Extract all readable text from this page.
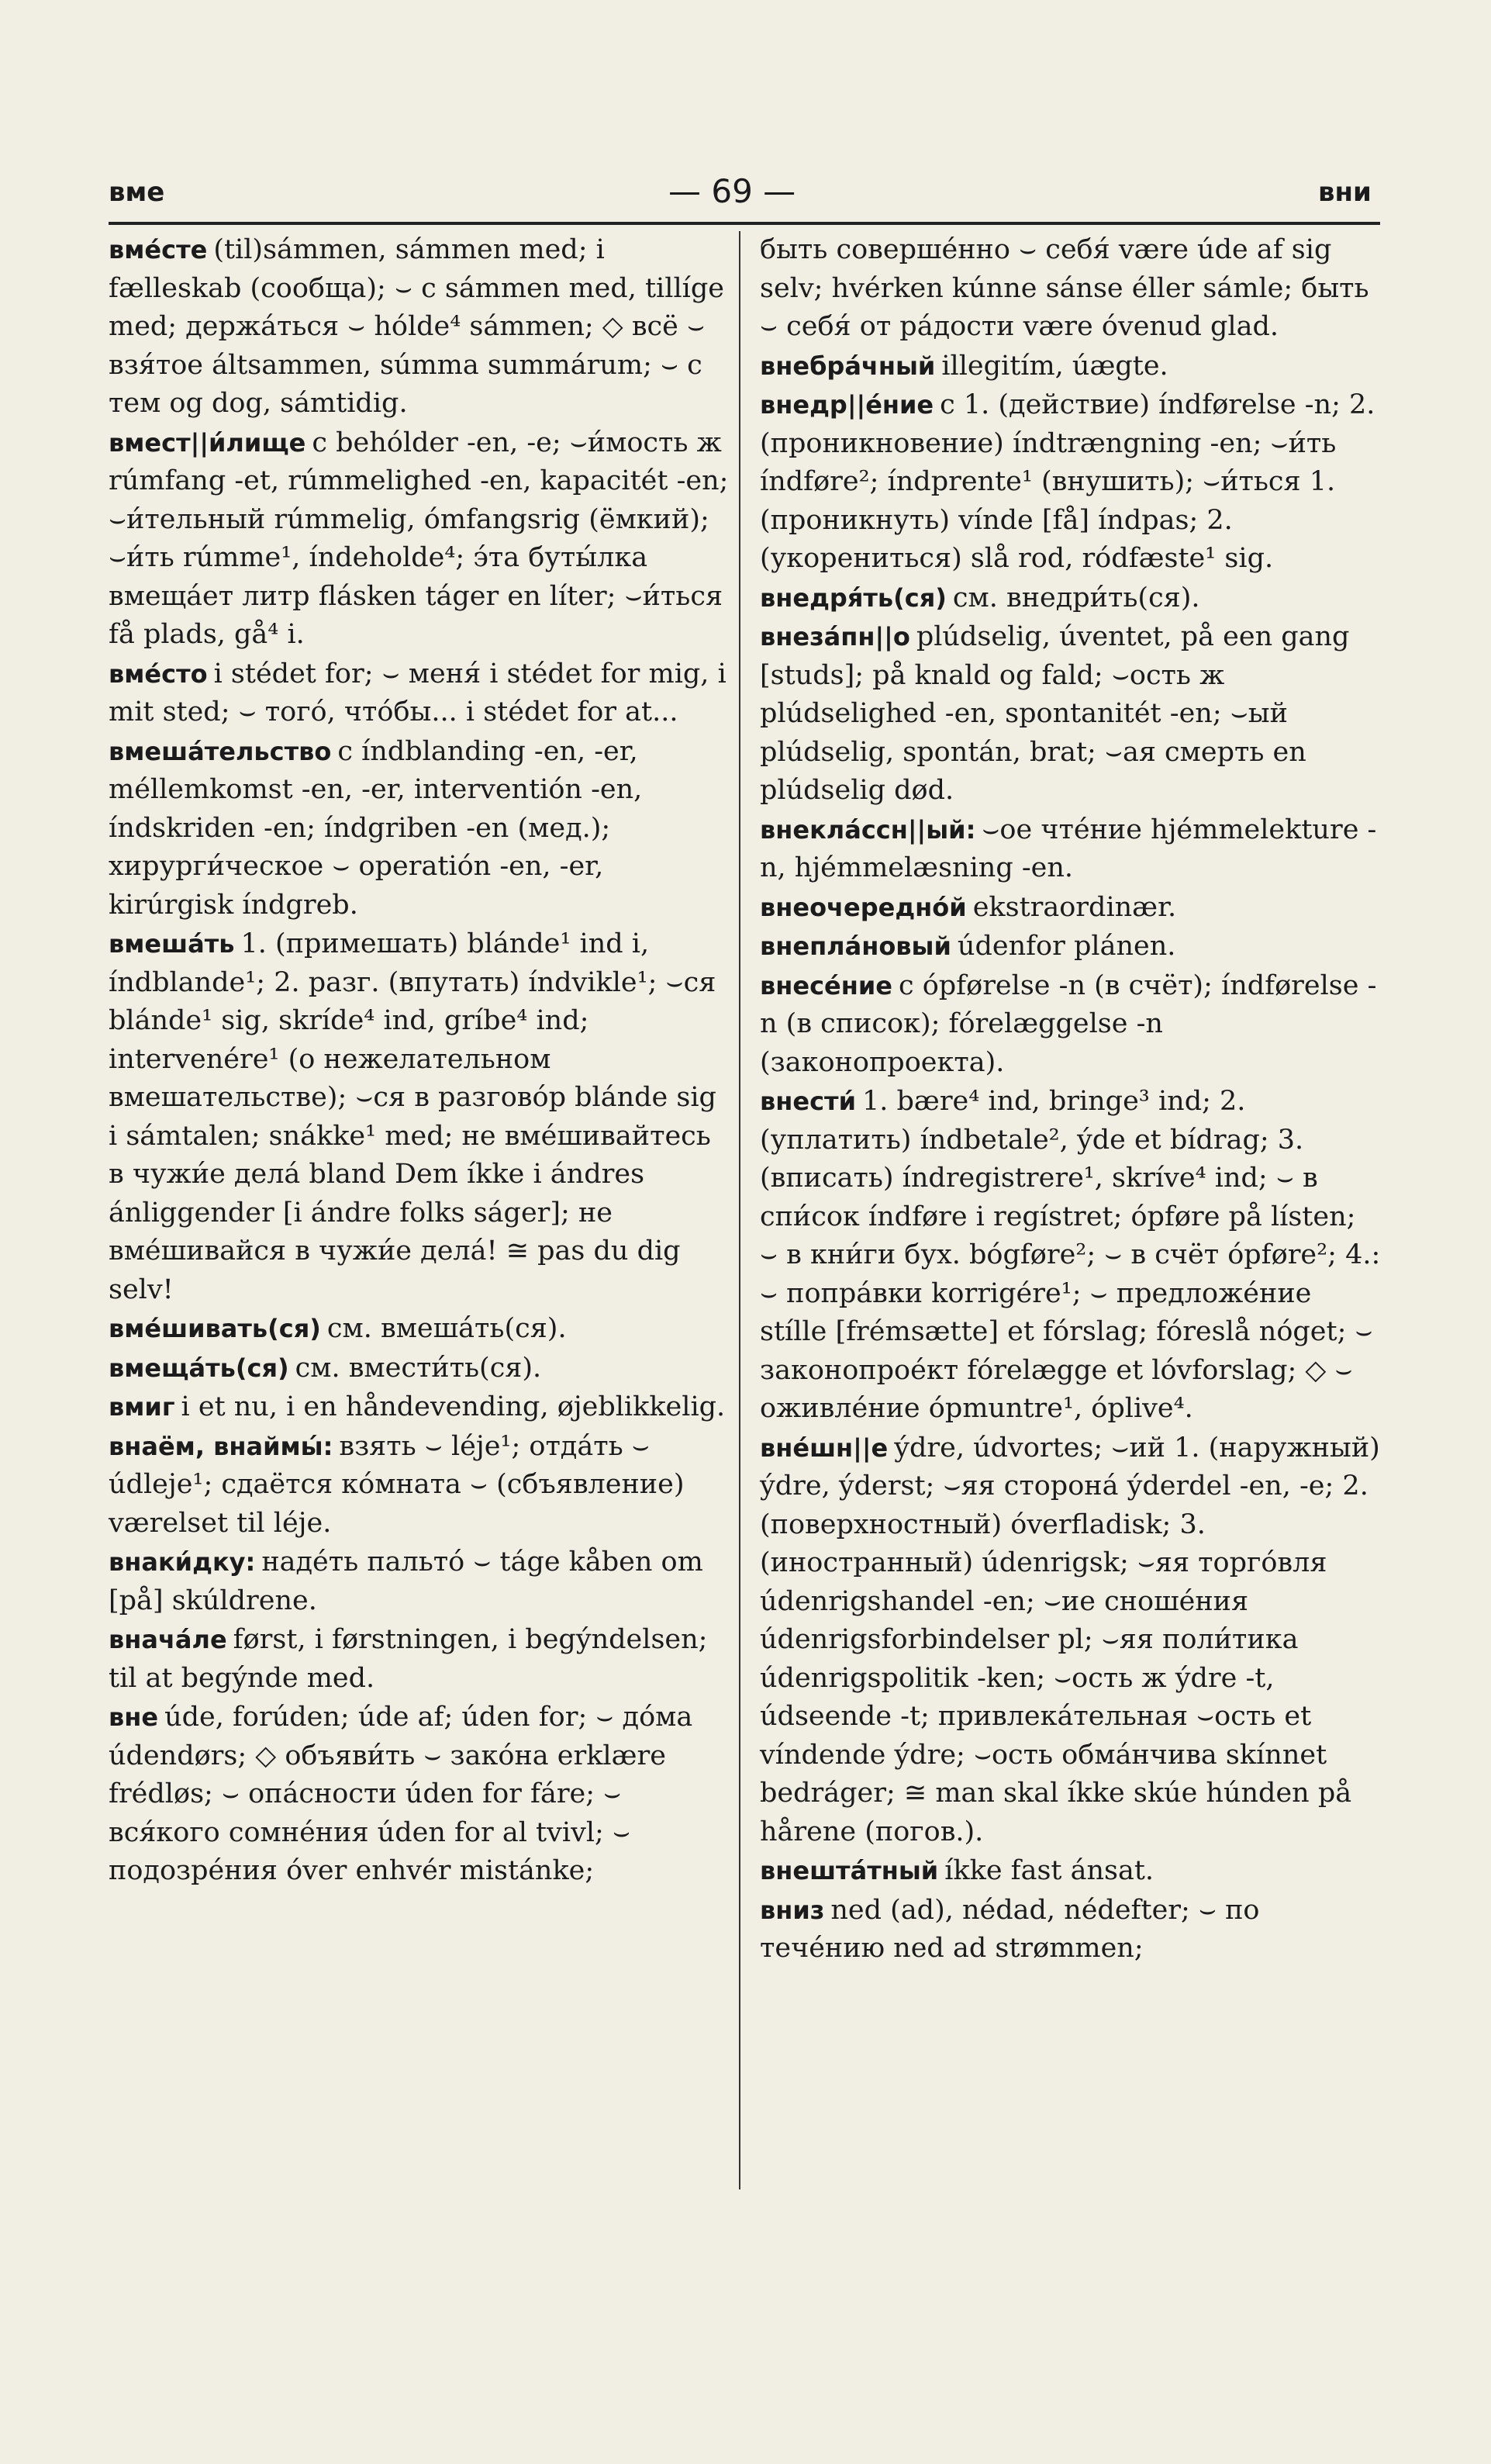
вме	— 69 —	вни
вмéсте (til)sámmen, sámmen med; i fælleskab (сообща); ⌣ с sámmen med, tillíge med; держáться ⌣ hólde⁴ sámmen; ◇ всё ⌣ взя́тое áltsammen, súmma summárum; ⌣ с тем og dog, sámtidig.
вмест||и́лище с behólder -en, -e; ⌣и́мость ж rúmfang -et, rúmmelighed -en, kapacitét -en; ⌣и́тельный rúmmelig, ómfangsrig (ёмкий); ⌣и́ть rúmme¹, índeholde⁴; э́та буты́лка вмеща́ет литр flásken táger en líter; ⌣и́ться få plads, gå⁴ i.
вмéсто i stédet for; ⌣ меня́ i stédet for mig, i mit sted; ⌣ того́, что́бы... i stédet for at...
вмеша́тельство с índblanding -en, -er, méllemkomst -en, -er, interventión -en, índskriden -en; índgriben -en (мед.); хирурги́ческое ⌣ operatión -en, -er, kirúrgisk índgreb.
вмеша́ть 1. (примешать) blánde¹ ind i, índblande¹; 2. разг. (впутать) índvikle¹; ⌣ся blánde¹ sig, skríde⁴ ind, gríbe⁴ ind; intervenére¹ (о нежелательном вмешательстве); ⌣ся в разгово́р blánde sig i sámtalen; snákke¹ med; не вмéшивайтесь в чужи́е дела́ bland Dem íkke i ándres ánliggender [i ándre folks ságer]; не вмéшивайся в чужи́е дела́! ≅ pas du dig selv!
вмéшивать(ся) см. вмеша́ть(ся).
вмеща́ть(ся) см. вмести́ть(ся).
вмиг i et nu, i en håndevending, øjeblikkelig.
внаём, внаймы́: взять ⌣ léje¹; отда́ть ⌣ údleje¹; сдаётся ко́мната ⌣ (сбъявление) værelset til léje.
внаки́дку: наде́ть пальто́ ⌣ táge kåben om [på] skúldrene.
внача́ле først, i førstningen, i begýndelsen; til at begýnde med.
вне úde, forúden; úde af; úden for; ⌣ до́ма údendørs; ◇ объяви́ть ⌣ зако́на erklære frédløs; ⌣ опа́сности úden for fáre; ⌣ вся́кого сомне́ния úden for al tvivl; ⌣ подозре́ния óver enhvér mistánke;
быть соверше́нно ⌣ себя́ være úde af sig selv; hvérken kúnne sánse éller sámle; быть ⌣ себя́ от ра́дости være óvenud glad.
внебра́чный illegitím, úægte.
внедр||е́ние с 1. (действие) índførelse -n; 2. (проникновение) índtrængning -en; ⌣и́ть índføre²; índprente¹ (внушить); ⌣и́ться 1. (проникнуть) vínde [få] índpas; 2. (укорениться) slå rod, ródfæste¹ sig.
внедря́ть(ся) см. внедри́ть(ся).
внеза́пн||о plúdselig, úventet, på een gang [studs]; på knald og fald; ⌣ость ж plúdselighed -en, spontanitét -en; ⌣ый plúdselig, spontán, brat; ⌣ая смерть en plúdselig død.
внекла́ссн||ый: ⌣ое чте́ние hjémmelekture -n, hjémmelæsning -en.
внеочередно́й ekstraordinær.
внепла́новый údenfor plánen.
внесе́ние с ópførelse -n (в счёт); índførelse -n (в список); fórelæggelse -n (законопроекта).
внести́ 1. bære⁴ ind, bringe³ ind; 2. (уплатить) índbetale², ýde et bídrag; 3. (вписать) índregistrere¹, skríve⁴ ind; ⌣ в спи́сок índføre i regístret; ópføre på lísten; ⌣ в кни́ги бух. bógføre²; ⌣ в счёт ópføre²; 4.: ⌣ попра́вки korrigére¹; ⌣ предложе́ние stílle [frémsætte] et fórslag; fóreslå nóget; ⌣ законопрое́кт fórelægge et lóvforslag; ◇ ⌣ оживле́ние óрmuntre¹, óplive⁴.
вне́шн||е ýdre, údvortes; ⌣ий 1. (наружный) ýdre, ýderst; ⌣яя сторона́ ýderdel -en, -e; 2. (поверхностный) óverfladisk; 3. (иностранный) údenrigsk; ⌣яя торго́вля údenrigshandel -en; ⌣ие сноше́ния údenrigsforbindelser pl; ⌣яя поли́тика údenrigspolitik -ken; ⌣ость ж ýdre -t, údseende -t; привлека́тельная ⌣ость et víndende ýdre; ⌣ость обма́нчива skínnet bedráger; ≅ man skal íkke skúe húnden på hårene (погов.).
внешта́тный íkke fast ánsat.
вниз ned (ad), nédad, nédefter; ⌣ по тече́нию ned ad strømmen;
